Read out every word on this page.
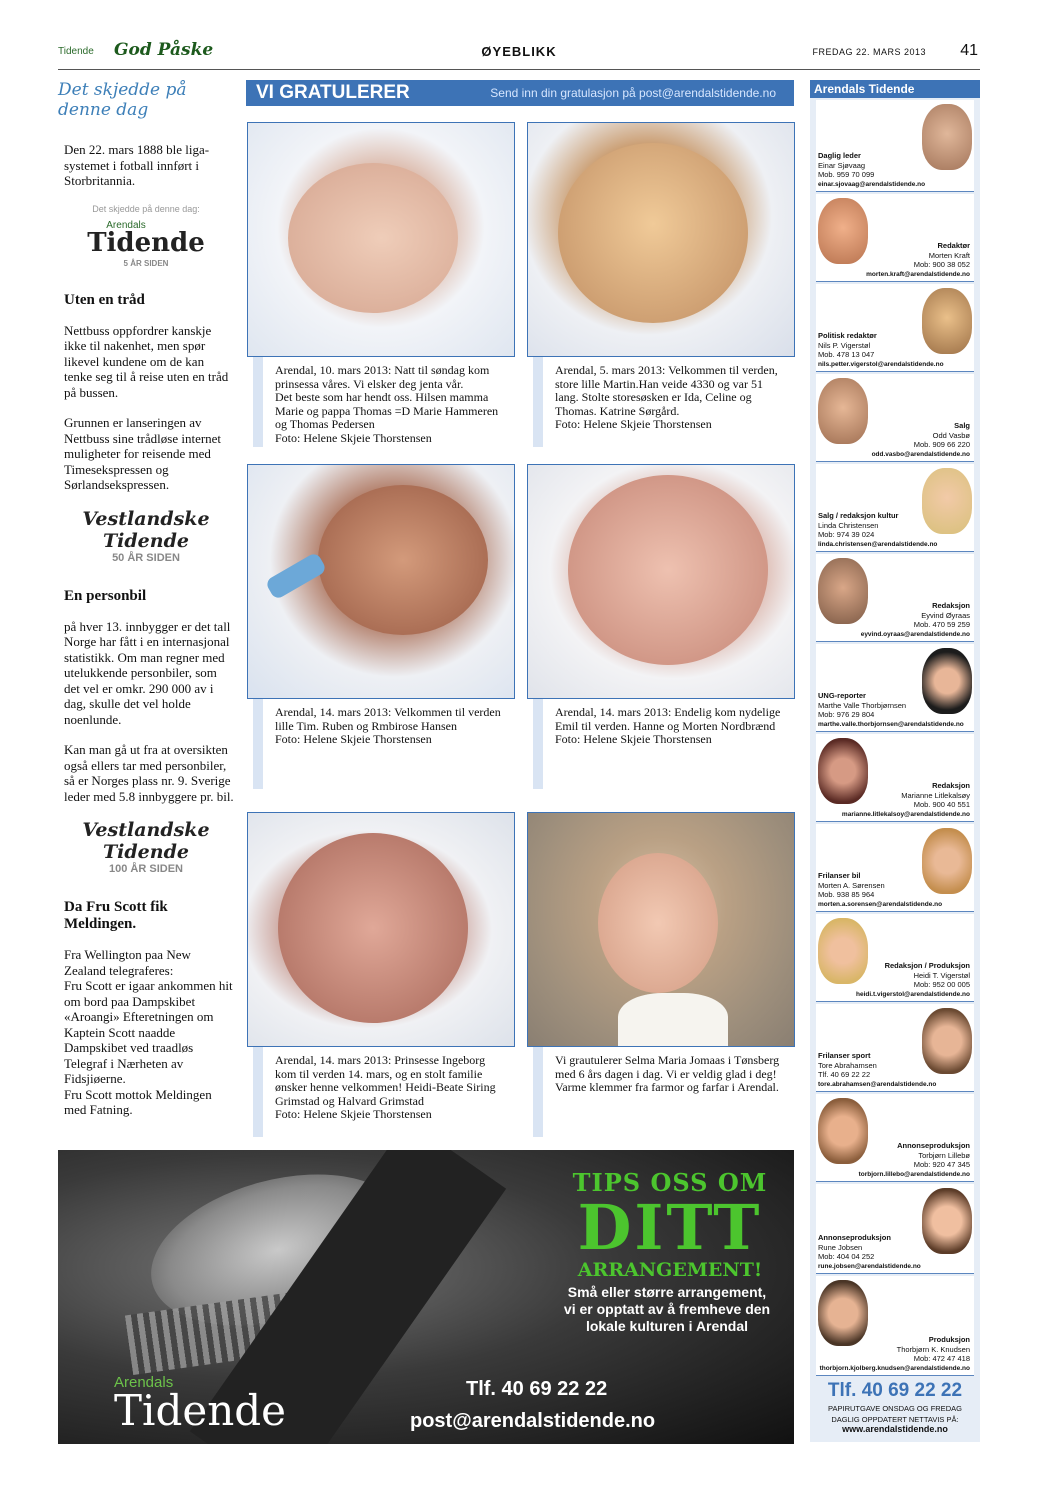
Tidende God Påske	ØYEBLIKK	FREDAG 22. MARS 2013 41
Det skjedde på denne dag

Den 22. mars 1888 ble liga-systemet i fotball innført i Storbritannia.

Det skjedde på denne dag:
Arendals
Tidende
5 ÅR SIDEN
Uten en tråd

Nettbuss oppfordrer kanskje ikke til nakenhet, men spør likevel kundene om de kan tenke seg til å reise uten en tråd på bussen.

Grunnen er lanseringen av Nettbuss sine trådløse internet muligheter for reisende med Timesekspressen og Sørlandsekspressen.

Vestlandske Tidende
50 ÅR SIDEN
En personbil

på hver 13. innbygger er det tall Norge har fått i en internasjonal statistikk. Om man regner med utelukkende personbiler, som det vel er omkr. 290 000 av i dag, skulle det vel holde noenlunde.

Kan man gå ut fra at oversikten også ellers tar med personbiler, så er Norges plass nr. 9. Sverige leder med 5.8 innbyggere pr. bil.

Vestlandske Tidende
100 ÅR SIDEN
Da Fru Scott fik Meldingen.

Fra Wellington paa New Zealand telegraferes:

Fru Scott er igaar ankommen hit om bord paa Dampskibet «Aroangi» Efteretningen om Kaptein Scott naadde Dampskibet ved traadløs Telegraf i Nærheten av Fidsjiøerne.

Fru Scott mottok Meldingen med Fatning.

VI GRATULERER	Send inn din gratulasjon på post@arendalstidende.no
Arendal, 10. mars 2013: Natt til søndag kom prinsessa våres. Vi elsker deg jenta vår.
Det beste som har hendt oss. Hilsen mamma Marie og pappa Thomas =D Marie Hammeren og Thomas Pedersen
Foto: Helene Skjeie Thorstensen
Arendal, 5. mars 2013: Velkommen til verden, store lille Martin.Han veide 4330 og var 51 lang. Stolte storesøsken er Ida, Celine og Thomas. Katrine Sørgård.
Foto: Helene Skjeie Thorstensen
Arendal, 14. mars 2013: Velkommen til verden lille Tim. Ruben og Rmbirose Hansen
Foto: Helene Skjeie Thorstensen
Arendal, 14. mars 2013: Endelig kom nydelige Emil til verden. Hanne og Morten Nordbrænd
Foto: Helene Skjeie Thorstensen
Arendal, 14. mars 2013: Prinsesse Ingeborg kom til verden 14. mars, og en stolt familie ønsker henne velkommen! Heidi-Beate Siring Grimstad og Halvard Grimstad
Foto: Helene Skjeie Thorstensen
Vi grautulerer Selma Maria Jomaas i Tønsberg med 6 års dagen i dag. Vi er veldig glad i deg! Varme klemmer fra farmor og farfar i Arendal.
Arendals Tidende
Daglig leder
Einar Sjøvaag
Mob. 959 70 099
einar.sjovaag@arendalstidende.no
Redaktør
Morten Kraft
Mob: 900 38 052
morten.kraft@arendalstidende.no
Politisk redaktør
Nils P. Vigerstøl
Mob. 478 13 047
nils.petter.vigerstol@arendalstidende.no
Salg
Odd Vasbø
Mob. 909 66 220
odd.vasbo@arendalstidende.no
Salg / redaksjon kultur
Linda Christensen
Mob: 974 39 024
linda.christensen@arendalstidende.no
Redaksjon
Eyvind Øyraas
Mob. 470 59 259
eyvind.oyraas@arendalstidende.no
UNG-reporter
Marthe Valle Thorbjørnsen
Mob: 976 29 804
marthe.valle.thorbjornsen@arendalstidende.no
Redaksjon
Marianne Litlekalsøy
Mob. 900 40 551
marianne.litlekalsoy@arendalstidende.no
Frilanser bil
Morten A. Sørensen
Mob. 938 85 964
morten.a.sorensen@arendalstidende.no
Redaksjon / Produksjon
Heidi T. Vigerstøl
Mob: 952 00 005
heidi.t.vigerstol@arendalstidende.no
Frilanser sport
Tore Abrahamsen
Tlf. 40 69 22 22
tore.abrahamsen@arendalstidende.no
Annonseproduksjon
Torbjørn Lillebø
Mob: 920 47 345
torbjorn.lillebo@arendalstidende.no
Annonseproduksjon
Rune Jobsen
Mob: 404 04 252
rune.jobsen@arendalstidende.no
Produksjon
Thorbjørn K. Knudsen
Mob: 472 47 418
thorbjorn.kjolberg.knudsen@arendalstidende.no
Tlf. 40 69 22 22
PAPIRUTGAVE ONSDAG OG FREDAG
DAGLIG OPPDATERT NETTAVIS PÅ:
www.arendalstidende.no
TIPS OSS OM
DITT
ARRANGEMENT!
Små eller større arrangement, vi er opptatt av å fremheve den lokale kulturen i Arendal
Arendals
Tidende	Tlf. 40 69 22 22
post@arendalstidende.no
